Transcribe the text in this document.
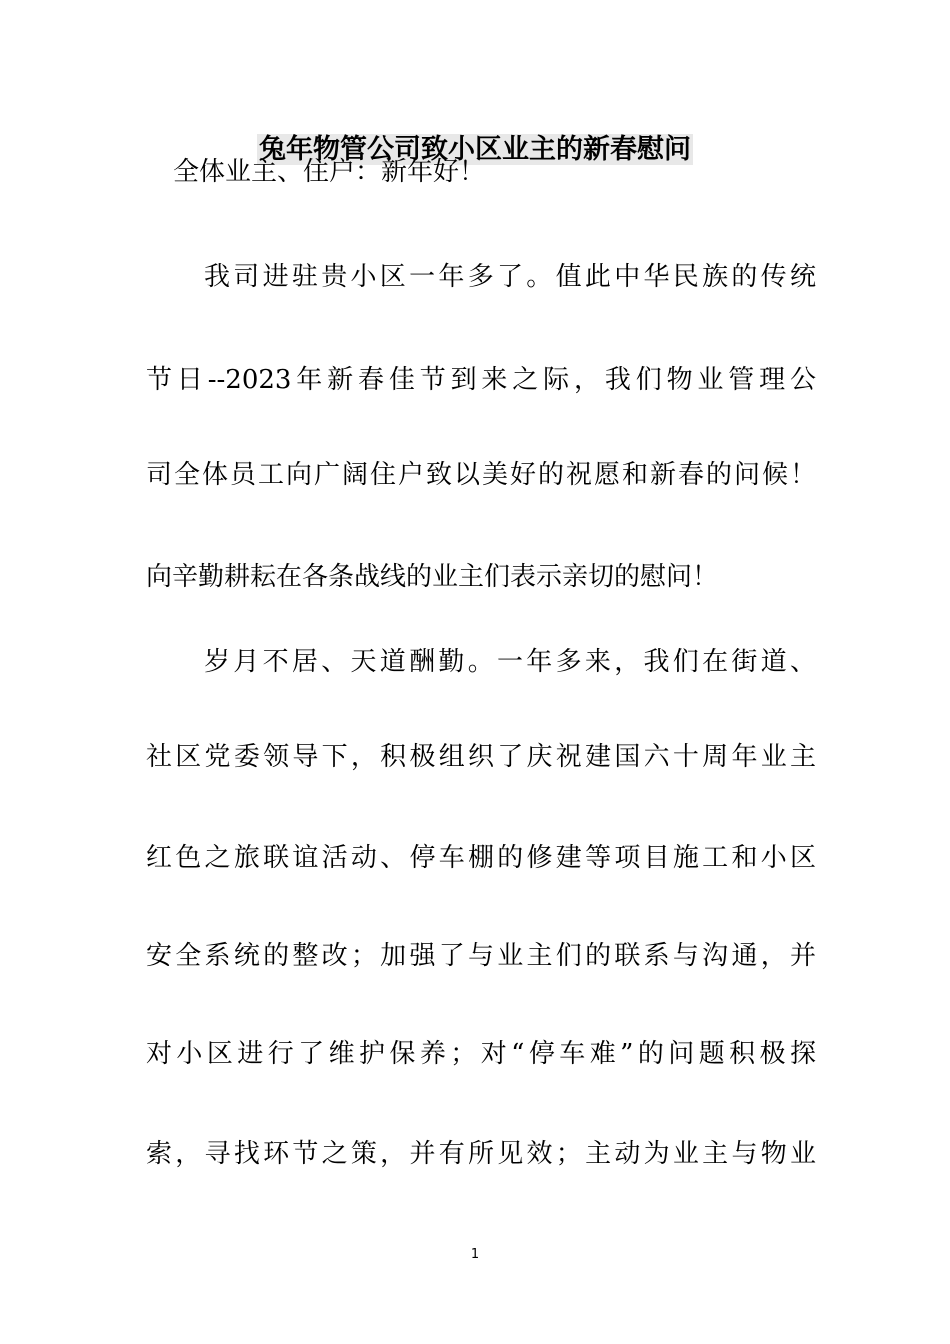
兔年物管公司致小区业主的新春慰问
全体业主、住户：新年好！
我司进驻贵小区一年多了。值此中华民族的传统
节日--2023年新春佳节到来之际，我们物业管理公
司全体员工向广阔住户致以美好的祝愿和新春的问候！
向辛勤耕耘在各条战线的业主们表示亲切的慰问！
岁月不居、天道酬勤。一年多来，我们在街道、
社区党委领导下，积极组织了庆祝建国六十周年业主
红色之旅联谊活动、停车棚的修建等项目施工和小区
安全系统的整改；加强了与业主们的联系与沟通，并
对小区进行了维护保养；对“停车难”的问题积极探
索，寻找环节之策，并有所见效；主动为业主与物业
1
